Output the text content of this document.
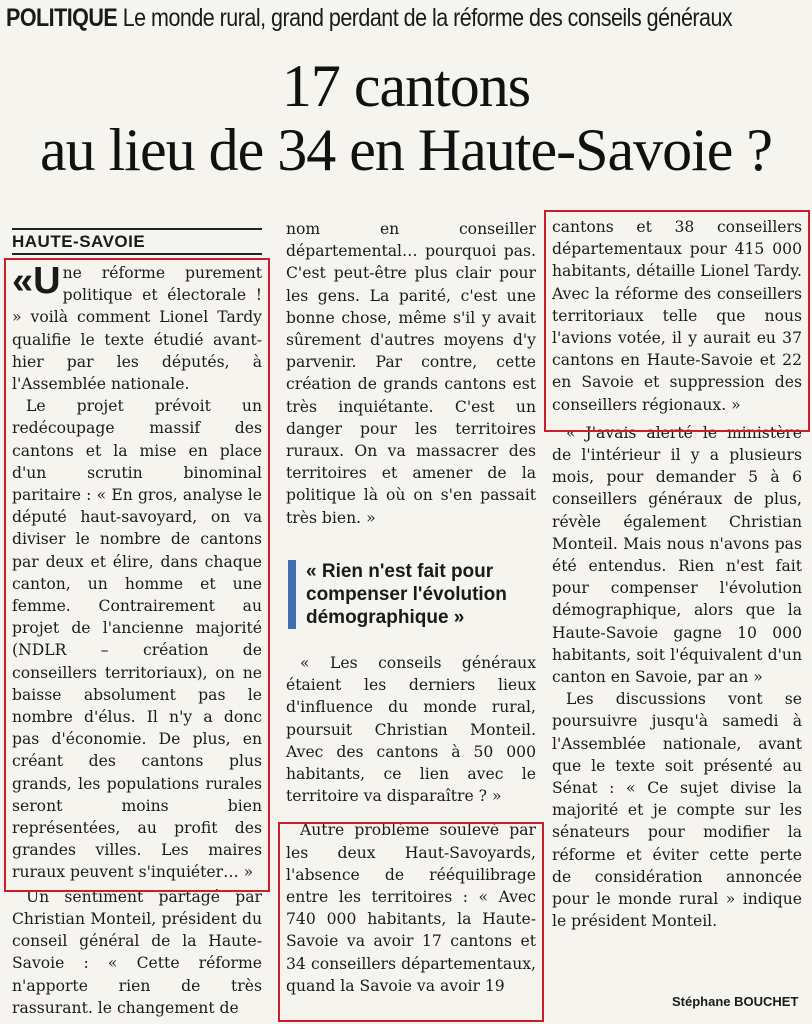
POLITIQUE Le monde rural, grand perdant de la réforme des conseils généraux
17 cantons
au lieu de 34 en Haute-Savoie ?
HAUTE-SAVOIE

«U ne réforme purement politique et électorale ! » voilà comment Lionel Tardy qualifie le texte étudié avant-hier par les députés, à l'Assemblée nationale.

Le projet prévoit un redécoupage massif des cantons et la mise en place d'un scrutin binominal paritaire : « En gros, analyse le député haut-savoyard, on va diviser le nombre de cantons par deux et élire, dans chaque canton, un homme et une femme. Contrairement au projet de l'ancienne majorité (NDLR – création de conseillers territoriaux), on ne baisse absolument pas le nombre d'élus. Il n'y a donc pas d'économie. De plus, en créant des cantons plus grands, les populations rurales seront moins bien représentées, au profit des grandes villes. Les maires ruraux peuvent s'inquiéter… »

Un sentiment partagé par Christian Monteil, président du conseil général de la Haute-Savoie : « Cette réforme n'apporte rien de très rassurant. le changement de

nom en conseiller départemental… pourquoi pas. C'est peut-être plus clair pour les gens. La parité, c'est une bonne chose, même s'il y avait sûrement d'autres moyens d'y parvenir. Par contre, cette création de grands cantons est très inquiétante. C'est un danger pour les territoires ruraux. On va massacrer des territoires et amener de la politique là où on s'en passait très bien. »

« Rien n'est fait pour compenser l'évolution démographique »

« Les conseils généraux étaient les derniers lieux d'influence du monde rural, poursuit Christian Monteil. Avec des cantons à 50 000 habitants, ce lien avec le territoire va disparaître ? »

Autre problème soulevé par les deux Haut-Savoyards, l'absence de rééquilibrage entre les territoires : « Avec 740 000 habitants, la Haute-Savoie va avoir 17 cantons et 34 conseillers départementaux, quand la Savoie va avoir 19

cantons et 38 conseillers départementaux pour 415 000 habitants, détaille Lionel Tardy. Avec la réforme des conseillers territoriaux telle que nous l'avions votée, il y aurait eu 37 cantons en Haute-Savoie et 22 en Savoie et suppression des conseillers régionaux. »

« J'avais alerté le ministère de l'intérieur il y a plusieurs mois, pour demander 5 à 6 conseillers généraux de plus, révèle également Christian Monteil. Mais nous n'avons pas été entendus. Rien n'est fait pour compenser l'évolution démographique, alors que la Haute-Savoie gagne 10 000 habitants, soit l'équivalent d'un canton en Savoie, par an »

Les discussions vont se poursuivre jusqu'à samedi à l'Assemblée nationale, avant que le texte soit présenté au Sénat : « Ce sujet divise la majorité et je compte sur les sénateurs pour modifier la réforme et éviter cette perte de considération annoncée pour le monde rural » indique le président Monteil.

Stéphane BOUCHET
